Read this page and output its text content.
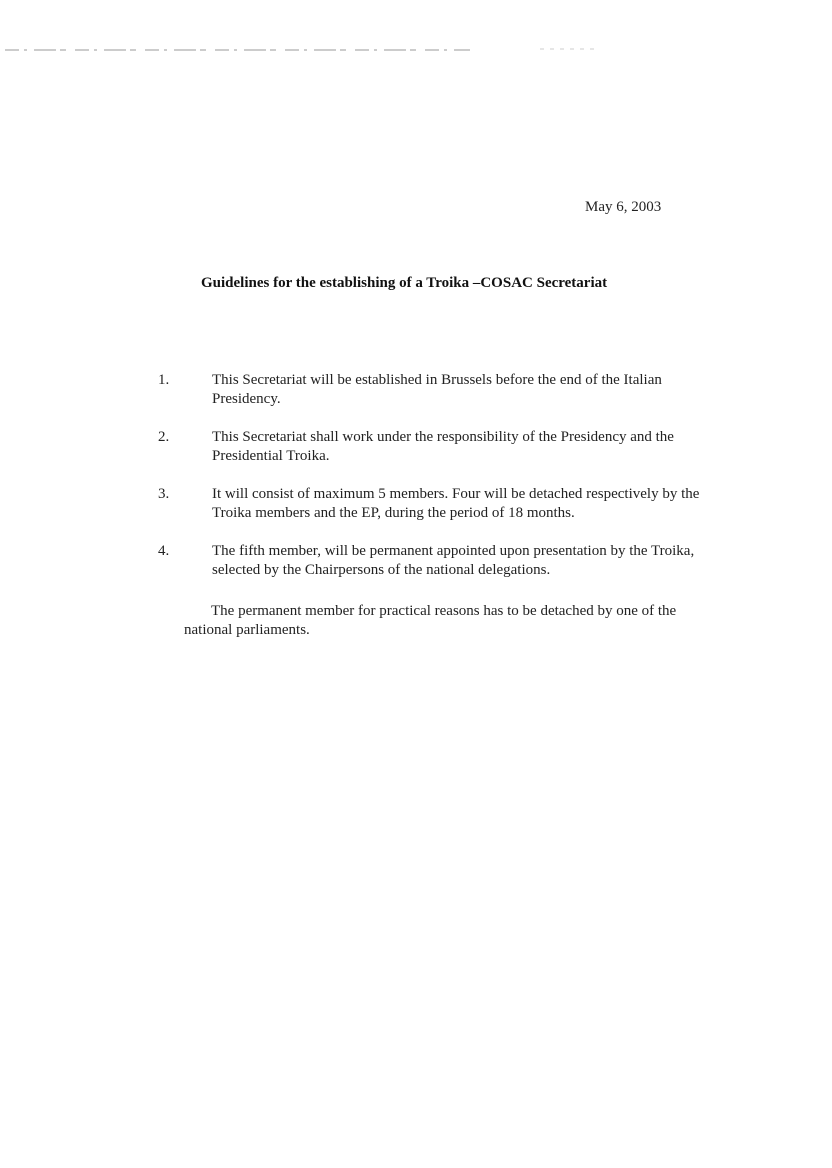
May 6, 2003
Guidelines for the establishing of a Troika –COSAC Secretariat
1.	This Secretariat will be established in Brussels before the end of the Italian Presidency.
2.	This Secretariat shall work under the responsibility of the Presidency and the Presidential Troika.
3.	It will consist of maximum 5 members. Four will be detached respectively by the Troika members and the EP, during the period of 18 months.
4.	The fifth member, will be permanent appointed upon presentation by the Troika, selected by the Chairpersons of the national delegations.
The permanent member for practical reasons has to be detached by one of the national parliaments.
